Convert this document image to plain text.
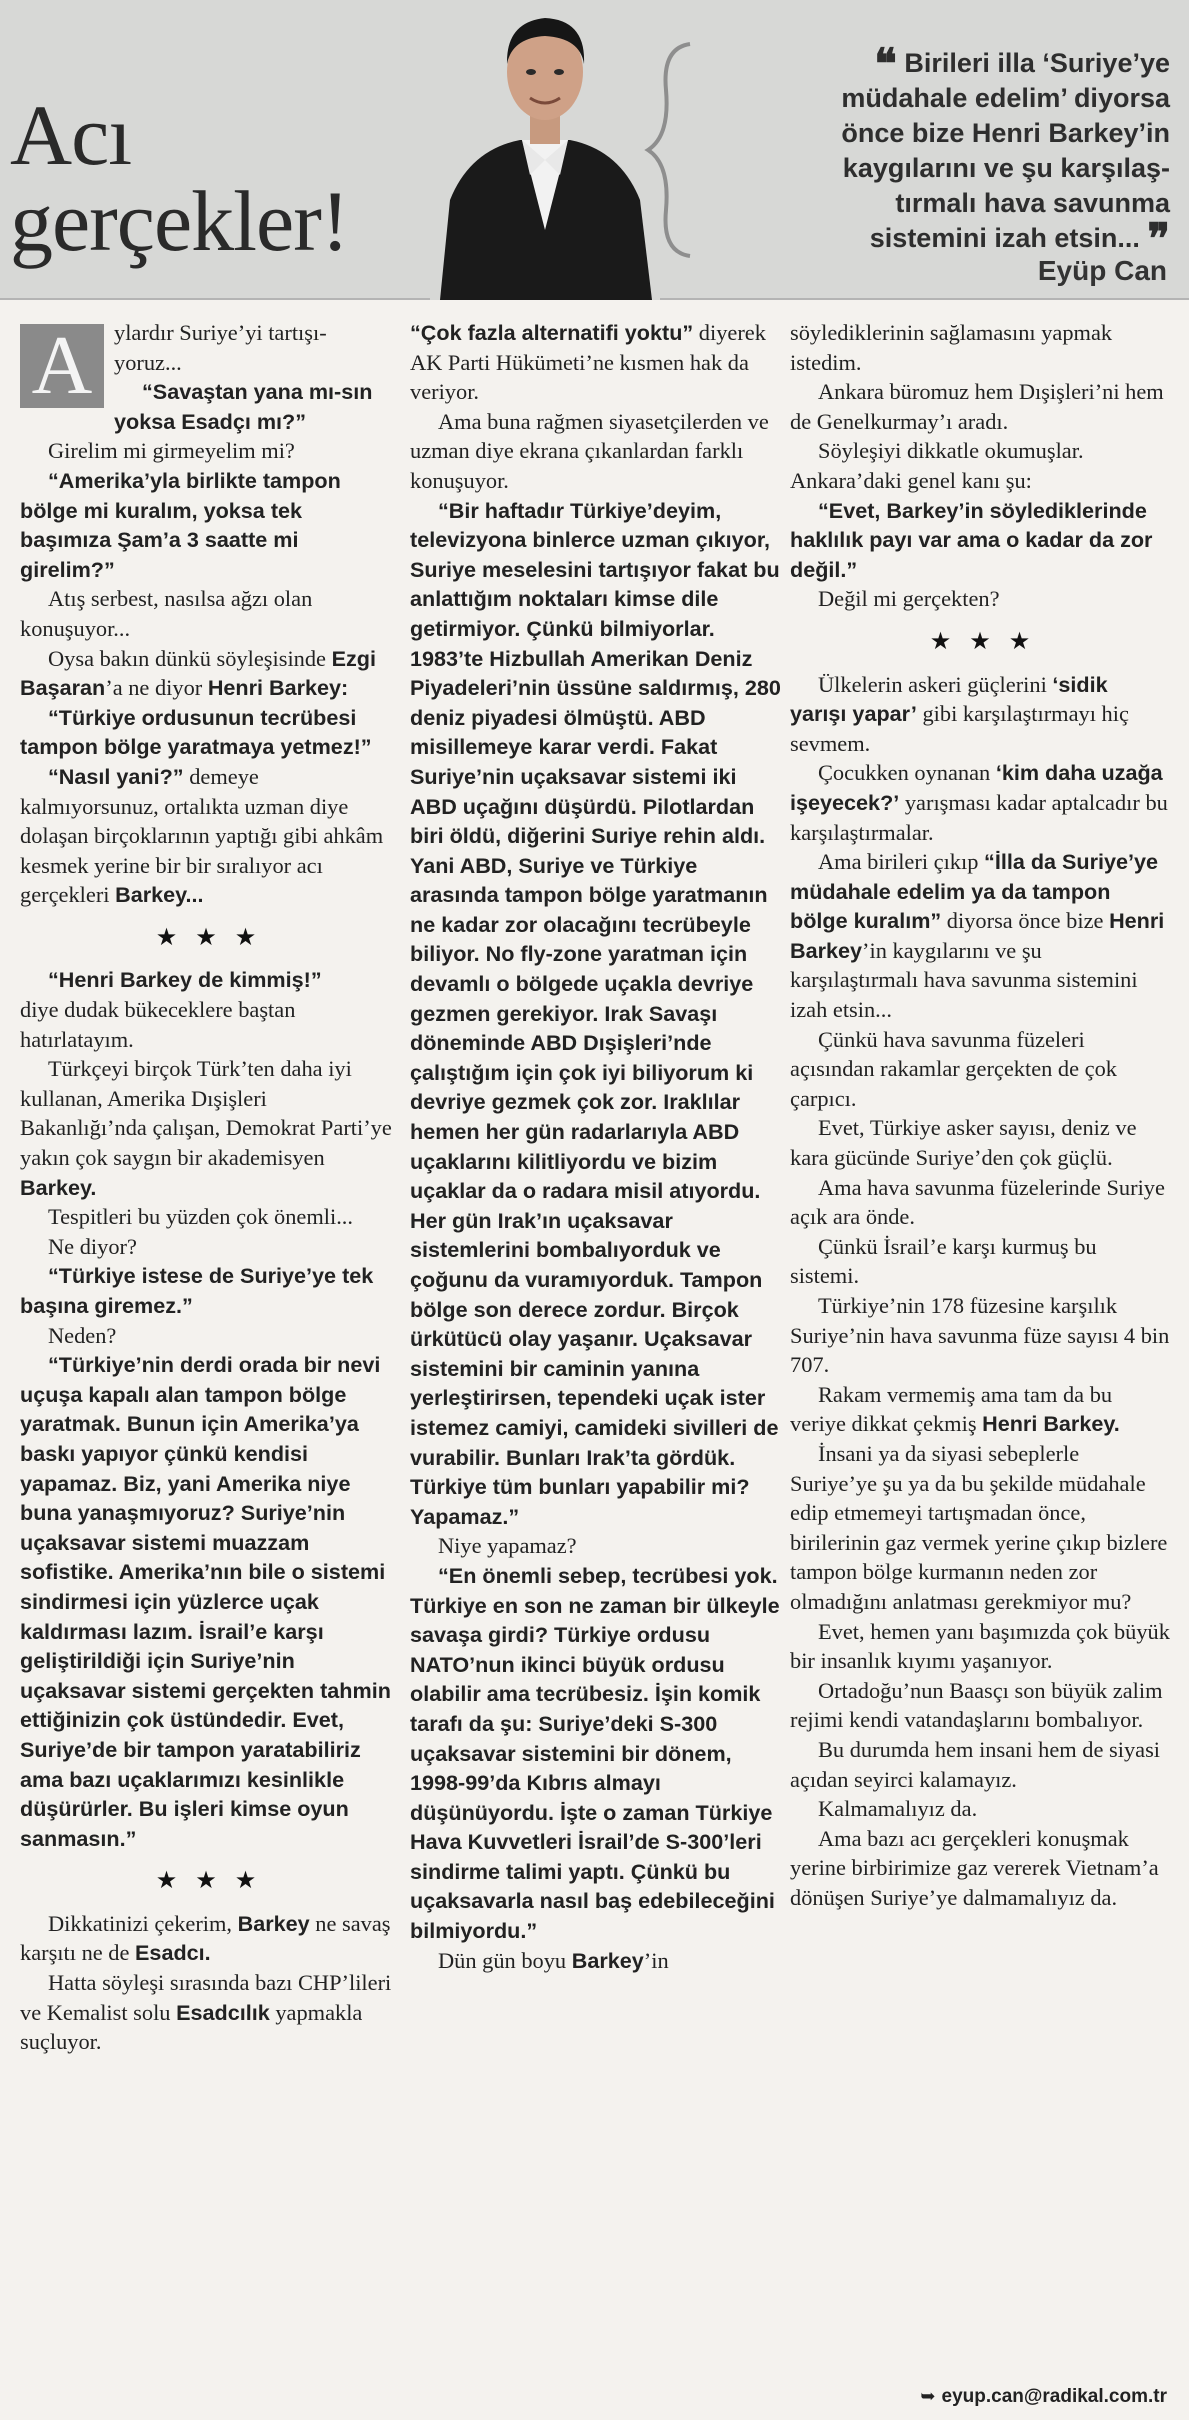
Acı
gerçekler!
❝ Birileri illa ‘Suriye’ye
müdahale edelim’ diyorsa
önce bize Henri Barkey’in
kaygılarını ve şu karşılaş-
tırmalı hava savunma
sistemini izah etsin... ❞
Eyüp Can
A ylardır Suriye’yi tartışı-

yoruz...

“Savaştan yana mı-sın yoksa Esadçı mı?”

Girelim mi girmeyelim mi?

“Amerika’yla birlikte tampon bölge mi kuralım, yoksa tek başımıza Şam’a 3 saatte mi girelim?”

Atış serbest, nasılsa ağzı olan konuşuyor...

Oysa bakın dünkü söyleşisinde Ezgi Başaran’a ne diyor Henri Barkey:

“Türkiye ordusunun tecrübesi tampon bölge yaratmaya yetmez!”

“Nasıl yani?” demeye kalmıyorsunuz, ortalıkta uzman diye dolaşan birçoklarının yaptığı gibi ahkâm kesmek yerine bir bir sıralıyor acı gerçekleri Barkey...

★★★

“Henri Barkey de kimmiş!”

diye dudak bükeceklere baştan hatırlatayım.

Türkçeyi birçok Türk’ten daha iyi kullanan, Amerika Dışişleri Bakanlığı’nda çalışan, Demokrat Parti’ye yakın çok saygın bir akademisyen Barkey.

Tespitleri bu yüzden çok önemli...

Ne diyor?

“Türkiye istese de Suriye’ye tek başına giremez.”

Neden?

“Türkiye’nin derdi orada bir nevi uçuşa kapalı alan tampon bölge yaratmak. Bunun için Amerika’ya baskı yapıyor çünkü kendisi yapamaz. Biz, yani Amerika niye buna yanaşmıyoruz? Suriye’nin uçaksavar sistemi muazzam sofistike. Amerika’nın bile o sistemi sindirmesi için yüzlerce uçak kaldırması lazım. İsrail’e karşı geliştirildiği için Suriye’nin uçaksavar sistemi gerçekten tahmin ettiğinizin çok üstündedir. Evet, Suriye’de bir tampon yaratabiliriz ama bazı uçaklarımızı kesinlikle düşürürler. Bu işleri kimse oyun sanmasın.”

★★★

Dikkatinizi çekerim, Barkey ne savaş karşıtı ne de Esadcı.

Hatta söyleşi sırasında bazı CHP’lileri ve Kemalist solu Esadcılık yapmakla suçluyor.

“Çok fazla alternatifi yoktu” diyerek AK Parti Hükümeti’ne kısmen hak da veriyor.

Ama buna rağmen siyasetçilerden ve uzman diye ekrana çıkanlardan farklı konuşuyor.

“Bir haftadır Türkiye’deyim, televizyona binlerce uzman çıkıyor, Suriye meselesini tartışıyor fakat bu anlattığım noktaları kimse dile getirmiyor. Çünkü bilmiyorlar. 1983’te Hizbullah Amerikan Deniz Piyadeleri’nin üssüne saldırmış, 280 deniz piyadesi ölmüştü. ABD misillemeye karar verdi. Fakat Suriye’nin uçaksavar sistemi iki ABD uçağını düşürdü. Pilotlardan biri öldü, diğerini Suriye rehin aldı. Yani ABD, Suriye ve Türkiye arasında tampon bölge yaratmanın ne kadar zor olacağını tecrübeyle biliyor. No fly-zone yaratman için devamlı o bölgede uçakla devriye gezmen gerekiyor. Irak Savaşı döneminde ABD Dışişleri’nde çalıştığım için çok iyi biliyorum ki devriye gezmek çok zor. Iraklılar hemen her gün radarlarıyla ABD uçaklarını kilitliyordu ve bizim uçaklar da o radara misil atıyordu. Her gün Irak’ın uçaksavar sistemlerini bombalıyorduk ve çoğunu da vuramıyorduk. Tampon bölge son derece zordur. Birçok ürkütücü olay yaşanır. Uçaksavar sistemini bir caminin yanına yerleştirirsen, tependeki uçak ister istemez camiyi, camideki sivilleri de vurabilir. Bunları Irak’ta gördük. Türkiye tüm bunları yapabilir mi? Yapamaz.”

Niye yapamaz?

“En önemli sebep, tecrübesi yok. Türkiye en son ne zaman bir ülkeyle savaşa girdi? Türkiye ordusu NATO’nun ikinci büyük ordusu olabilir ama tecrübesiz. İşin komik tarafı da şu: Suriye’deki S-300 uçaksavar sistemini bir dönem, 1998-99’da Kıbrıs almayı düşünüyordu. İşte o zaman Türkiye Hava Kuvvetleri İsrail’de S-300’leri sindirme talimi yaptı. Çünkü bu uçaksavarla nasıl baş edebileceğini bilmiyordu.”

Dün gün boyu Barkey’in

söylediklerinin sağlamasını yapmak istedim.

Ankara büromuz hem Dışişleri’ni hem de Genelkurmay’ı aradı.

Söyleşiyi dikkatle okumuşlar. Ankara’daki genel kanı şu:

“Evet, Barkey’in söylediklerinde haklılık payı var ama o kadar da zor değil.”

Değil mi gerçekten?

★★★

Ülkelerin askeri güçlerini ‘sidik yarışı yapar’ gibi karşılaştırmayı hiç sevmem.

Çocukken oynanan ‘kim daha uzağa işeyecek?’ yarışması kadar aptalcadır bu karşılaştırmalar.

Ama birileri çıkıp “İlla da Suriye’ye müdahale edelim ya da tampon bölge kuralım” diyorsa önce bize Henri Barkey’in kaygılarını ve şu karşılaştırmalı hava savunma sistemini izah etsin...

Çünkü hava savunma füzeleri açısından rakamlar gerçekten de çok çarpıcı.

Evet, Türkiye asker sayısı, deniz ve kara gücünde Suriye’den çok güçlü.

Ama hava savunma füzelerinde Suriye açık ara önde.

Çünkü İsrail’e karşı kurmuş bu sistemi.

Türkiye’nin 178 füzesine karşılık Suriye’nin hava savunma füze sayısı 4 bin 707.

Rakam vermemiş ama tam da bu veriye dikkat çekmiş Henri Barkey.

İnsani ya da siyasi sebeplerle Suriye’ye şu ya da bu şekilde müdahale edip etmemeyi tartışmadan önce, birilerinin gaz vermek yerine çıkıp bizlere tampon bölge kurmanın neden zor olmadığını anlatması gerekmiyor mu?

Evet, hemen yanı başımızda çok büyük bir insanlık kıyımı yaşanıyor.

Ortadoğu’nun Baasçı son büyük zalim rejimi kendi vatandaşlarını bombalıyor.

Bu durumda hem insani hem de siyasi açıdan seyirci kalamayız.

Kalmamalıyız da.

Ama bazı acı gerçekleri konuşmak yerine birbirimize gaz vererek Vietnam’a dönüşen Suriye’ye dalmamalıyız da.

➥ eyup.can@radikal.com.tr
